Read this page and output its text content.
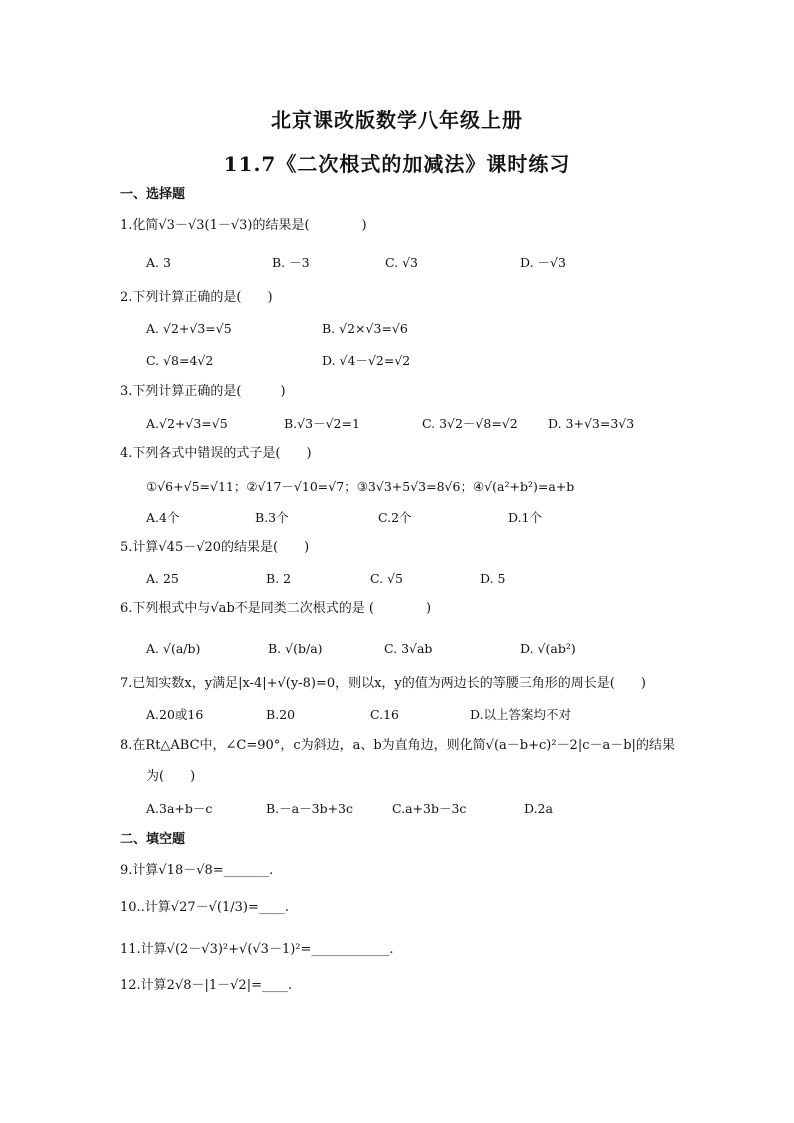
北京课改版数学八年级上册
11.7《二次根式的加减法》课时练习
一、选择题
1.化简√3－√3(1－√3)的结果是(　　　　)
A. 3	B. －3	C. √3	D. －√3
2.下列计算正确的是(　　)
A. √2+√3=√5	B. √2×√3=√6
C. √8=4√2	D. √4－√2=√2
3.下列计算正确的是(　　　)
A.√2+√3=√5	B.√3－√2=1	C. 3√2－√8=√2 D. 3+√3=3√3
4.下列各式中错误的式子是(　　)
①√6+√5=√11；②√17－√10=√7；③3√3+5√3=8√6；④√(a²+b²)=a+b
A.4个	B.3个	C.2个	D.1个
5.计算√45－√20的结果是(　　)
A. 25	B. 2	C. √5	D. 5
6.下列根式中与√ab不是同类二次根式的是 (　　　　)
A. √(a/b)	B. √(b/a)	C. 3√ab	D. √(ab²)
7.已知实数x，y满足|x-4|+√(y-8)=0，则以x，y的值为两边长的等腰三角形的周长是(　　)
A.20或16	B.20	C.16	D.以上答案均不对
8.在Rt△ABC中，∠C=90°，c为斜边，a、b为直角边，则化简√(a－b+c)²－2|c－a－b|的结果
为(　　)
A.3a+b－c	B.－a－3b+3c	C.a+3b－3c	D.2a
二、填空题
9.计算√18－√8=_______.
10..计算√27－√(1/3)=____.
11.计算√(2－√3)²+√(√3－1)²=____________.
12.计算2√8－|1－√2|=____.
